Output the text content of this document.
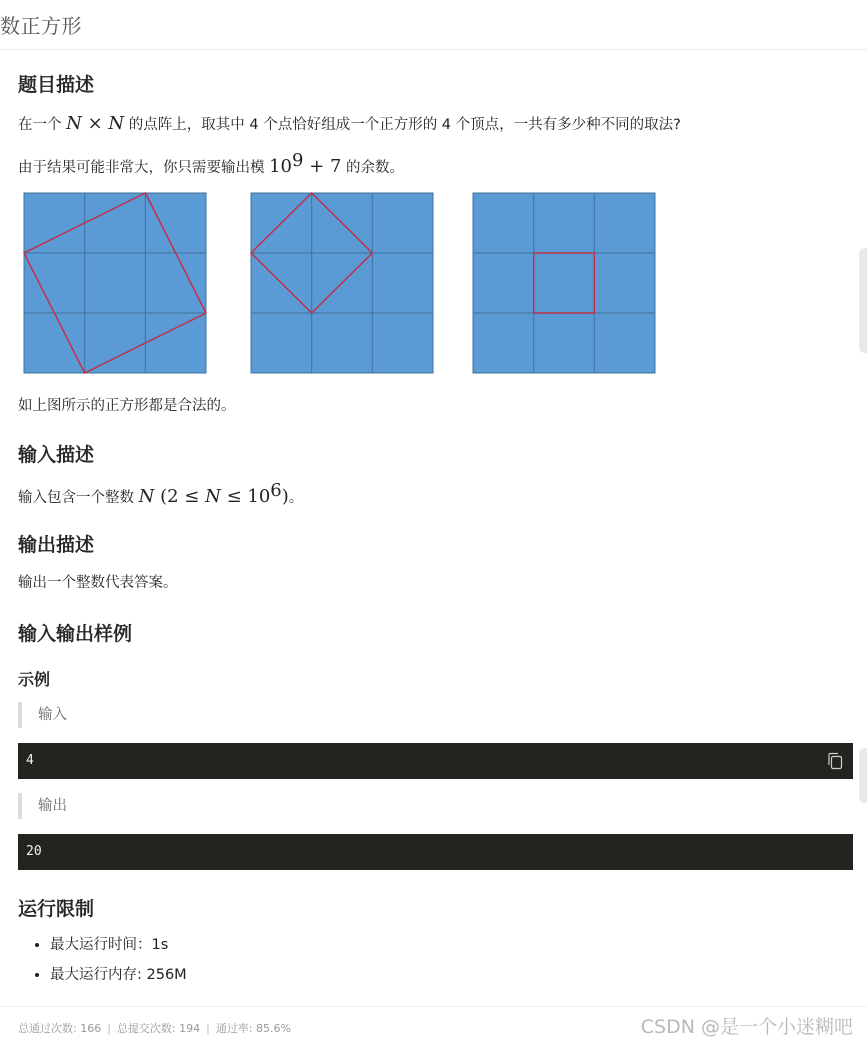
数正方形
题目描述
在一个 N × N 的点阵上，取其中 4 个点恰好组成一个正方形的 4 个顶点，一共有多少种不同的取法?
由于结果可能非常大，你只需要输出模 $10^9 + 7$ 的余数。
如上图所示的正方形都是合法的。
输入描述
输入包含一个整数 N $(2 \le N \le 10^6)$。
输出描述
输出一个整数代表答案。
输入输出样例
示例
输入
4
输出
20
运行限制
• 最大运行时间：1s
• 最大运行内存: 256M
总通过次数: 166 | 总提交次数: 194 | 通过率: 85.6%	CSDN @是一个小迷糊吧
